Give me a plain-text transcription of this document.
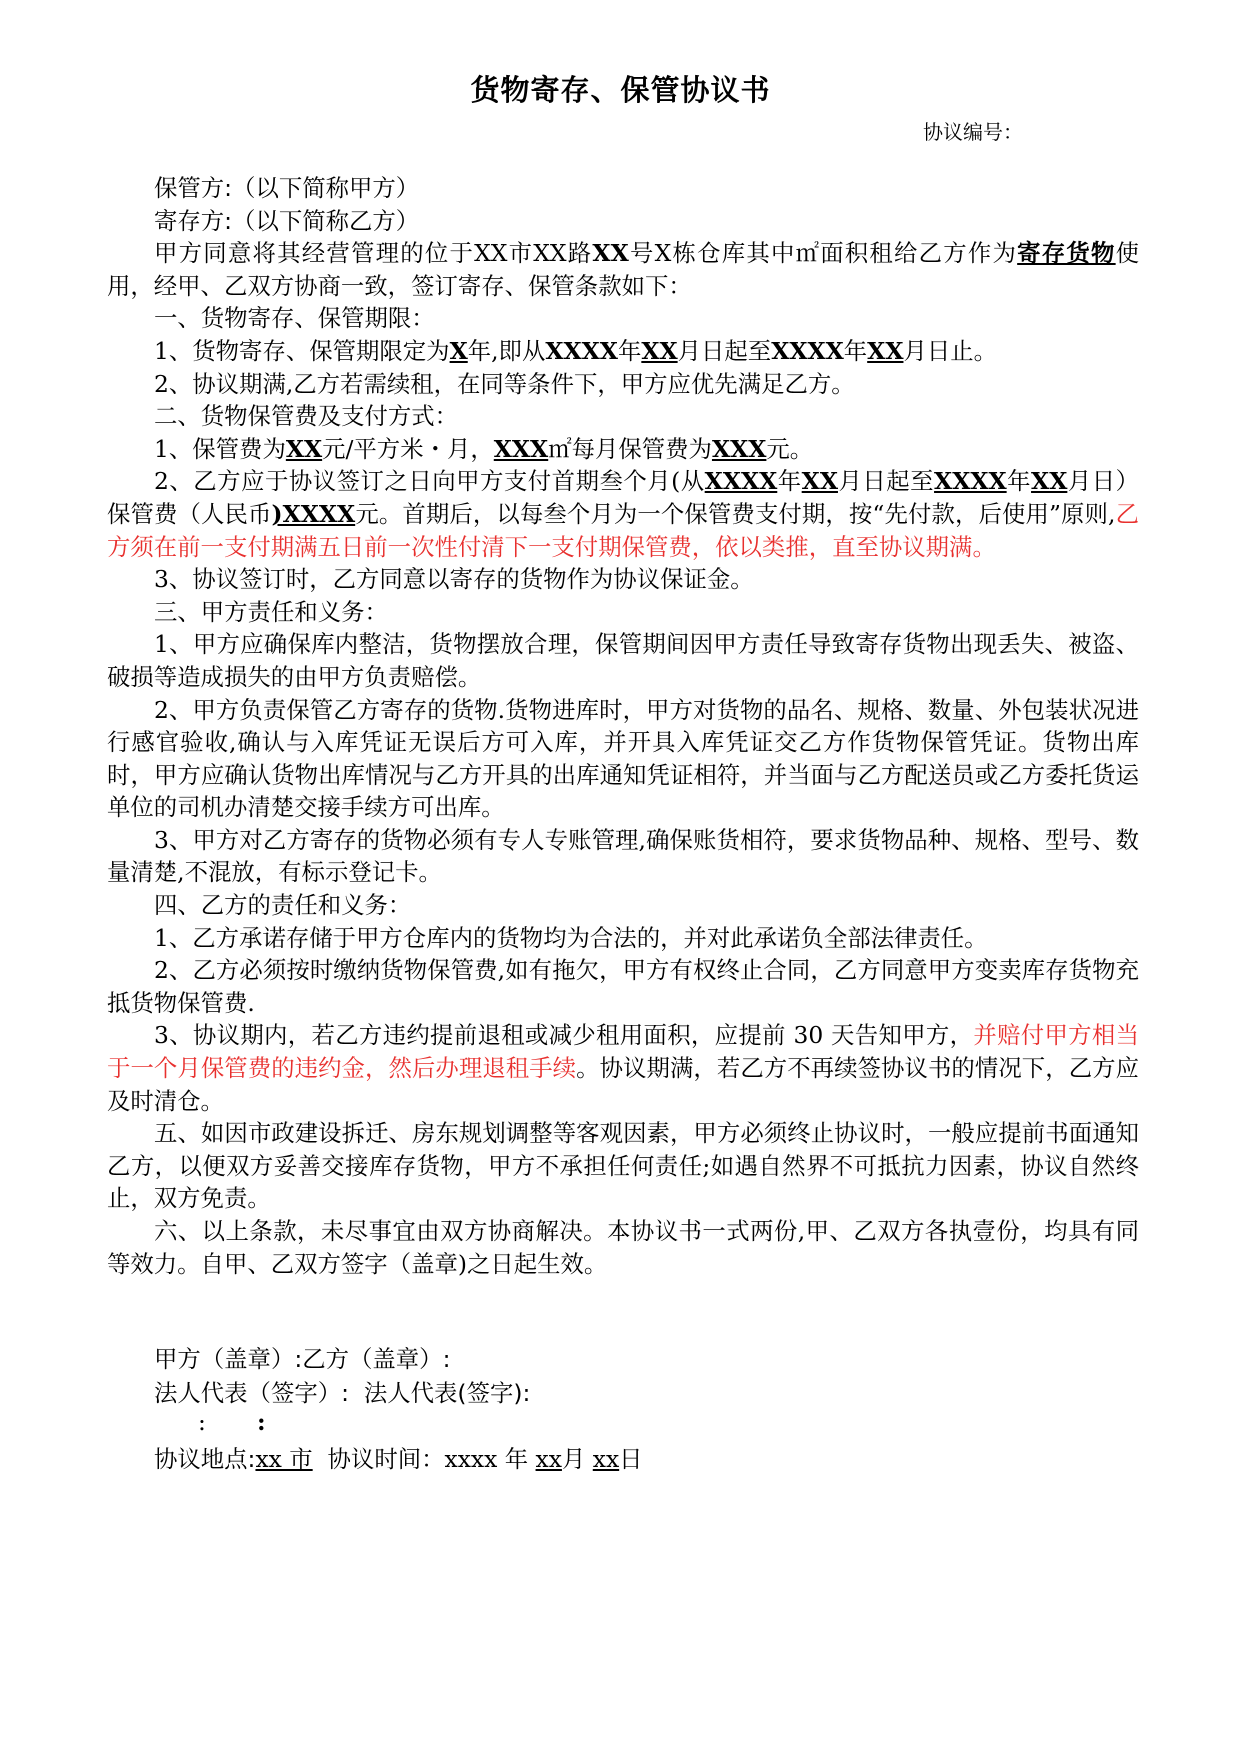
货物寄存、保管协议书
协议编号：

保管方:（以下简称甲方）

寄存方:（以下简称乙方）

甲方同意将其经营管理的位于XX市XX路XX号X栋仓库其中㎡面积租给乙方作为寄存货物使用，经甲、乙双方协商一致，签订寄存、保管条款如下：

一、货物寄存、保管期限：

1、货物寄存、保管期限定为X年,即从XXXX年XX月日起至XXXX年XX月日止。

2、协议期满,乙方若需续租，在同等条件下，甲方应优先满足乙方。

二、货物保管费及支付方式：

1、保管费为XX元/平方米・月，XXX㎡每月保管费为XXX元。

2、乙方应于协议签订之日向甲方支付首期叁个月(从XXXX年XX月日起至XXXX年XX月日）保管费（人民币)XXXX元。首期后，以每叁个月为一个保管费支付期，按“先付款，后使用”原则,乙方须在前一支付期满五日前一次性付清下一支付期保管费，依以类推，直至协议期满。

3、协议签订时，乙方同意以寄存的货物作为协议保证金。

三、甲方责任和义务：

1、甲方应确保库内整洁，货物摆放合理，保管期间因甲方责任导致寄存货物出现丢失、被盗、破损等造成损失的由甲方负责赔偿。

2、甲方负责保管乙方寄存的货物.货物进库时，甲方对货物的品名、规格、数量、外包装状况进行感官验收,确认与入库凭证无误后方可入库，并开具入库凭证交乙方作货物保管凭证。货物出库时，甲方应确认货物出库情况与乙方开具的出库通知凭证相符，并当面与乙方配送员或乙方委托货运单位的司机办清楚交接手续方可出库。

3、甲方对乙方寄存的货物必须有专人专账管理,确保账货相符，要求货物品种、规格、型号、数量清楚,不混放，有标示登记卡。

四、乙方的责任和义务：

1、乙方承诺存储于甲方仓库内的货物均为合法的，并对此承诺负全部法律责任。

2、乙方必须按时缴纳货物保管费,如有拖欠，甲方有权终止合同，乙方同意甲方变卖库存货物充抵货物保管费.

3、协议期内，若乙方违约提前退租或减少租用面积，应提前 30 天告知甲方，并赔付甲方相当于一个月保管费的违约金，然后办理退租手续。协议期满，若乙方不再续签协议书的情况下，乙方应及时清仓。

五、如因市政建设拆迁、房东规划调整等客观因素，甲方必须终止协议时，一般应提前书面通知乙方，以便双方妥善交接库存货物，甲方不承担任何责任;如遇自然界不可抵抗力因素，协议自然终止，双方免责。

六、以上条款，未尽事宜由双方协商解决。本协议书一式两份,甲、乙双方各执壹份，均具有同等效力。自甲、乙双方签字（盖章)之日起生效。

甲方（盖章）:乙方（盖章）:
法人代表（签字）:  法人代表(签字):
: :
协议地点:xx 市 协议时间：xxxx 年 xx月 xx日
